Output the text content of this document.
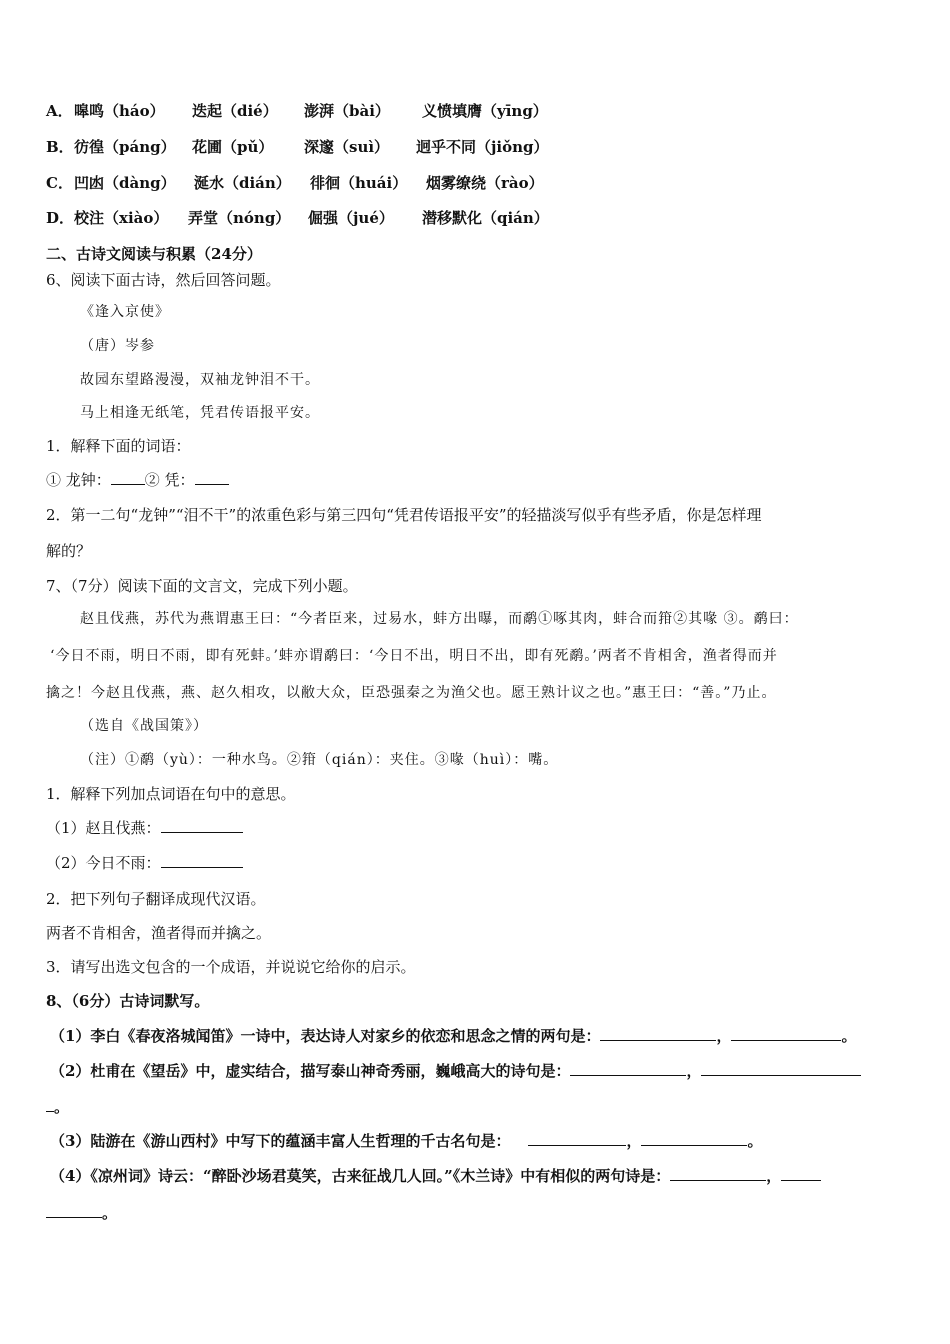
A． 嗥鸣（háo） 迭起（dié） 澎湃（bài） 义愤填膺（yīng）
B． 彷徨（páng） 花圃（pǔ） 深邃（suì） 迥乎不同（jiǒng）
C． 凹凼（dàng） 涎水（dián） 徘徊（huái） 烟雾缭绕（rào）
D． 校注（xiào） 弄堂（nóng） 倔强（jué） 潜移默化（qián）
二、古诗文阅读与积累（24分）
6、阅读下面古诗，然后回答问题。
《逢入京使》
（唐）岑参
故园东望路漫漫，双袖龙钟泪不干。
马上相逢无纸笔，凭君传语报平安。
1．解释下面的词语：
① 龙钟： ② 凭：
2．第一二句“龙钟”“泪不干”的浓重色彩与第三四句“凭君传语报平安”的轻描淡写似乎有些矛盾，你是怎样理
解的？
7、（7分）阅读下面的文言文，完成下列小题。
赵且伐燕，苏代为燕谓惠王曰：“今者臣来，过易水，蚌方出曝，而鹬①啄其肉，蚌合而箝②其喙 ③。鹬曰：
‘今日不雨，明日不雨，即有死蚌。’蚌亦谓鹬曰：‘今日不出，明日不出，即有死鹬。’两者不肯相舍，渔者得而并
擒之！今赵且伐燕，燕、赵久相攻，以敝大众，臣恐强秦之为渔父也。愿王熟计议之也。”惠王曰：“善。”乃止。
（选自《战国策》）
（注）①鹬（yù）：一种水鸟。②箝（qián）：夹住。③喙（huì）：嘴。
1．解释下列加点词语在句中的意思。
（1）赵且伐燕：
（2）今日不雨：
2．把下列句子翻译成现代汉语。
两者不肯相舍，渔者得而并擒之。
3．请写出选文包含的一个成语，并说说它给你的启示。
8、（6分）古诗词默写。
（1）李白《春夜洛城闻笛》一诗中，表达诗人对家乡的依恋和思念之情的两句是：	，	。
（2）杜甫在《望岳》中，虚实结合，描写泰山神奇秀丽，巍峨高大的诗句是：	，
。
（3）陆游在《游山西村》中写下的蕴涵丰富人生哲理的千古名句是：	，	。
（4）《凉州词》诗云：“醉卧沙场君莫笑，古来征战几人回。”《木兰诗》中有相似的两句诗是：	，
。
